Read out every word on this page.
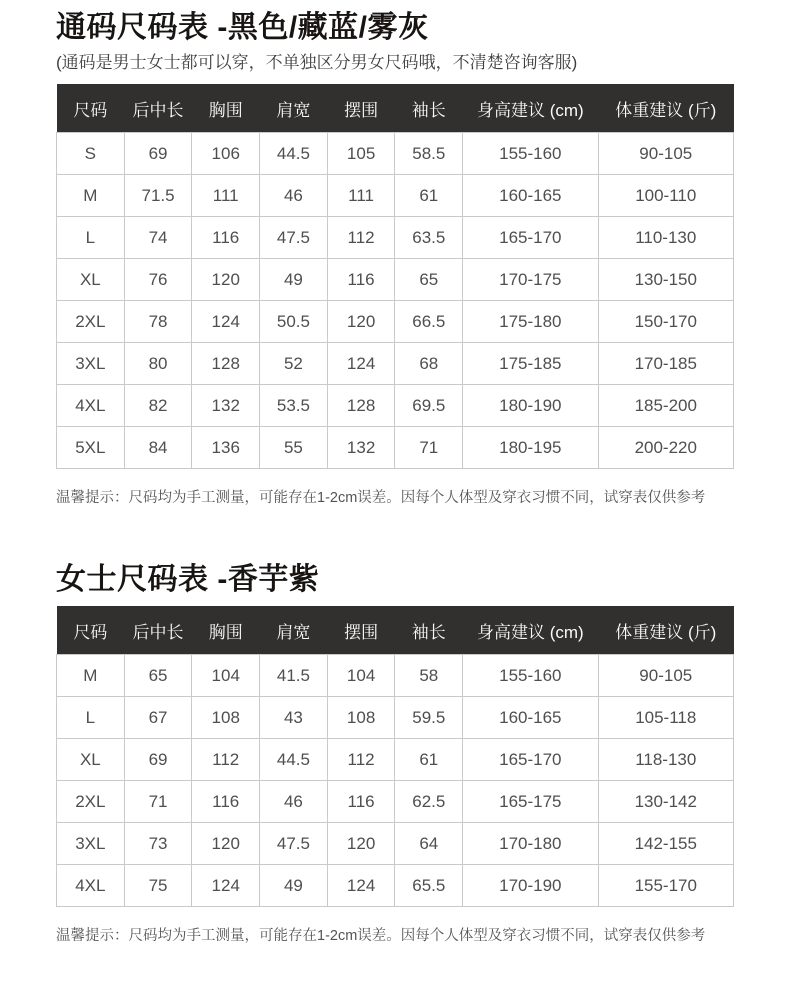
通码尺码表 -黑色/藏蓝/雾灰

(通码是男士女士都可以穿，不单独区分男女尺码哦，不清楚咨询客服)

尺码	后中长	胸围	肩宽	摆围	袖长	身高建议 (cm)	体重建议 (斤)
S	69	106	44.5	105	58.5	155-160	90-105
M	71.5	111	46	111	61	160-165	100-110
L	74	116	47.5	112	63.5	165-170	110-130
XL	76	120	49	116	65	170-175	130-150
2XL	78	124	50.5	120	66.5	175-180	150-170
3XL	80	128	52	124	68	175-185	170-185
4XL	82	132	53.5	128	69.5	180-190	185-200
5XL	84	136	55	132	71	180-195	200-220

温馨提示：尺码均为手工测量，可能存在1-2cm误差。因每个人体型及穿衣习惯不同，试穿表仅供参考

女士尺码表 -香芋紫
尺码	后中长	胸围	肩宽	摆围	袖长	身高建议 (cm)	体重建议 (斤)
M	65	104	41.5	104	58	155-160	90-105
L	67	108	43	108	59.5	160-165	105-118
XL	69	112	44.5	112	61	165-170	118-130
2XL	71	116	46	116	62.5	165-175	130-142
3XL	73	120	47.5	120	64	170-180	142-155
4XL	75	124	49	124	65.5	170-190	155-170

温馨提示：尺码均为手工测量，可能存在1-2cm误差。因每个人体型及穿衣习惯不同，试穿表仅供参考
